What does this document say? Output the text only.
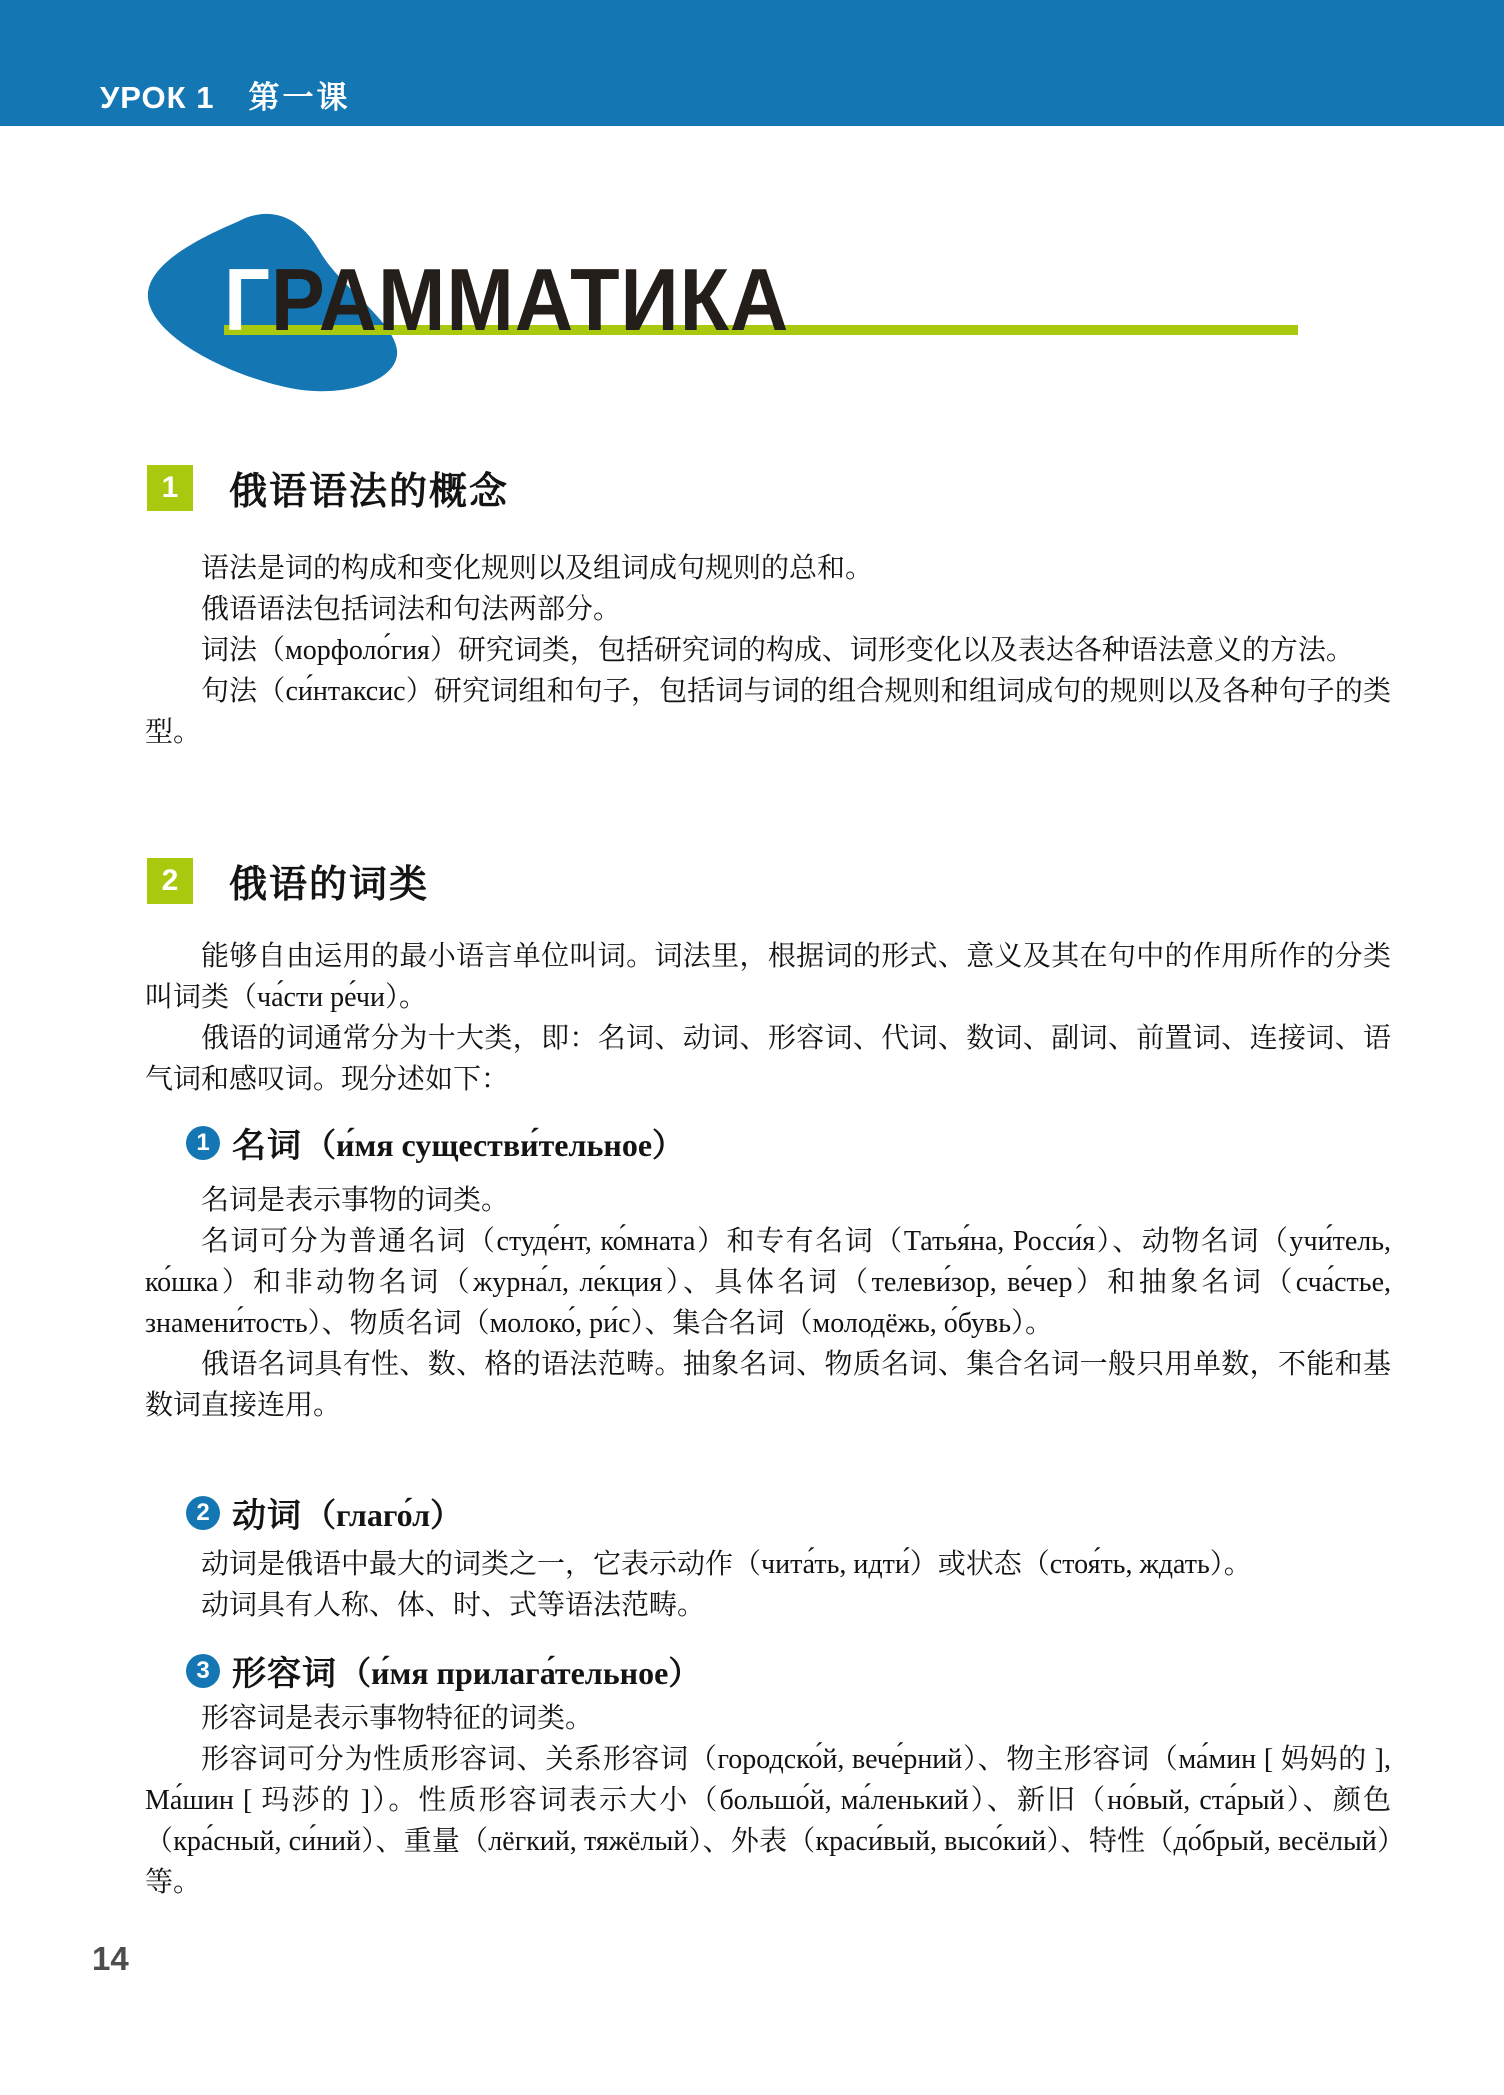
УРОК 1 第一课
ГРАММАТИКА
1	俄语语法的概念

语法是词的构成和变化规则以及组词成句规则的总和。

俄语语法包括词法和句法两部分。

词法（морфоло́гия）研究词类，包括研究词的构成、词形变化以及表达各种语法意义的方法。

句法（си́нтаксис）研究词组和句子，包括词与词的组合规则和组词成句的规则以及各种句子的类型。

2	俄语的词类

能够自由运用的最小语言单位叫词。词法里，根据词的形式、意义及其在句中的作用所作的分类叫词类（ча́сти ре́чи）。

俄语的词通常分为十大类，即：名词、动词、形容词、代词、数词、副词、前置词、连接词、语气词和感叹词。现分述如下：

1 名词 （и́мя существи́тельное）

名词是表示事物的词类。

名词可分为普通名词（студе́нт, ко́мната）和专有名词（Татья́на, Росси́я）、动物名词（учи́тель, ко́шка）和非动物名词（журна́л, ле́кция）、具体名词（телеви́зор, ве́чер）和抽象名词（сча́стье, знамени́тость）、物质名词（молоко́, ри́с）、集合名词（молодёжь, о́бувь）。

俄语名词具有性、数、格的语法范畴。抽象名词、物质名词、集合名词一般只用单数，不能和基数词直接连用。

2 动词 （глаго́л）

动词是俄语中最大的词类之一，它表示动作（чита́ть, идти́）或状态（стоя́ть, ждать）。

动词具有人称、体、时、式等语法范畴。

3 形容词 （и́мя прилага́тельное）

形容词是表示事物特征的词类。

形容词可分为性质形容词、关系形容词（городско́й, вече́рний）、物主形容词（ма́мин [ 妈妈的 ], Ма́шин [ 玛莎的 ]）。性质形容词表示大小（большо́й, ма́ленький）、新旧（но́вый, ста́рый）、颜色（кра́сный, си́ний）、重量（лёгкий, тяжёлый）、外表（краси́вый, высо́кий）、特性（до́брый, весёлый）等。

14
